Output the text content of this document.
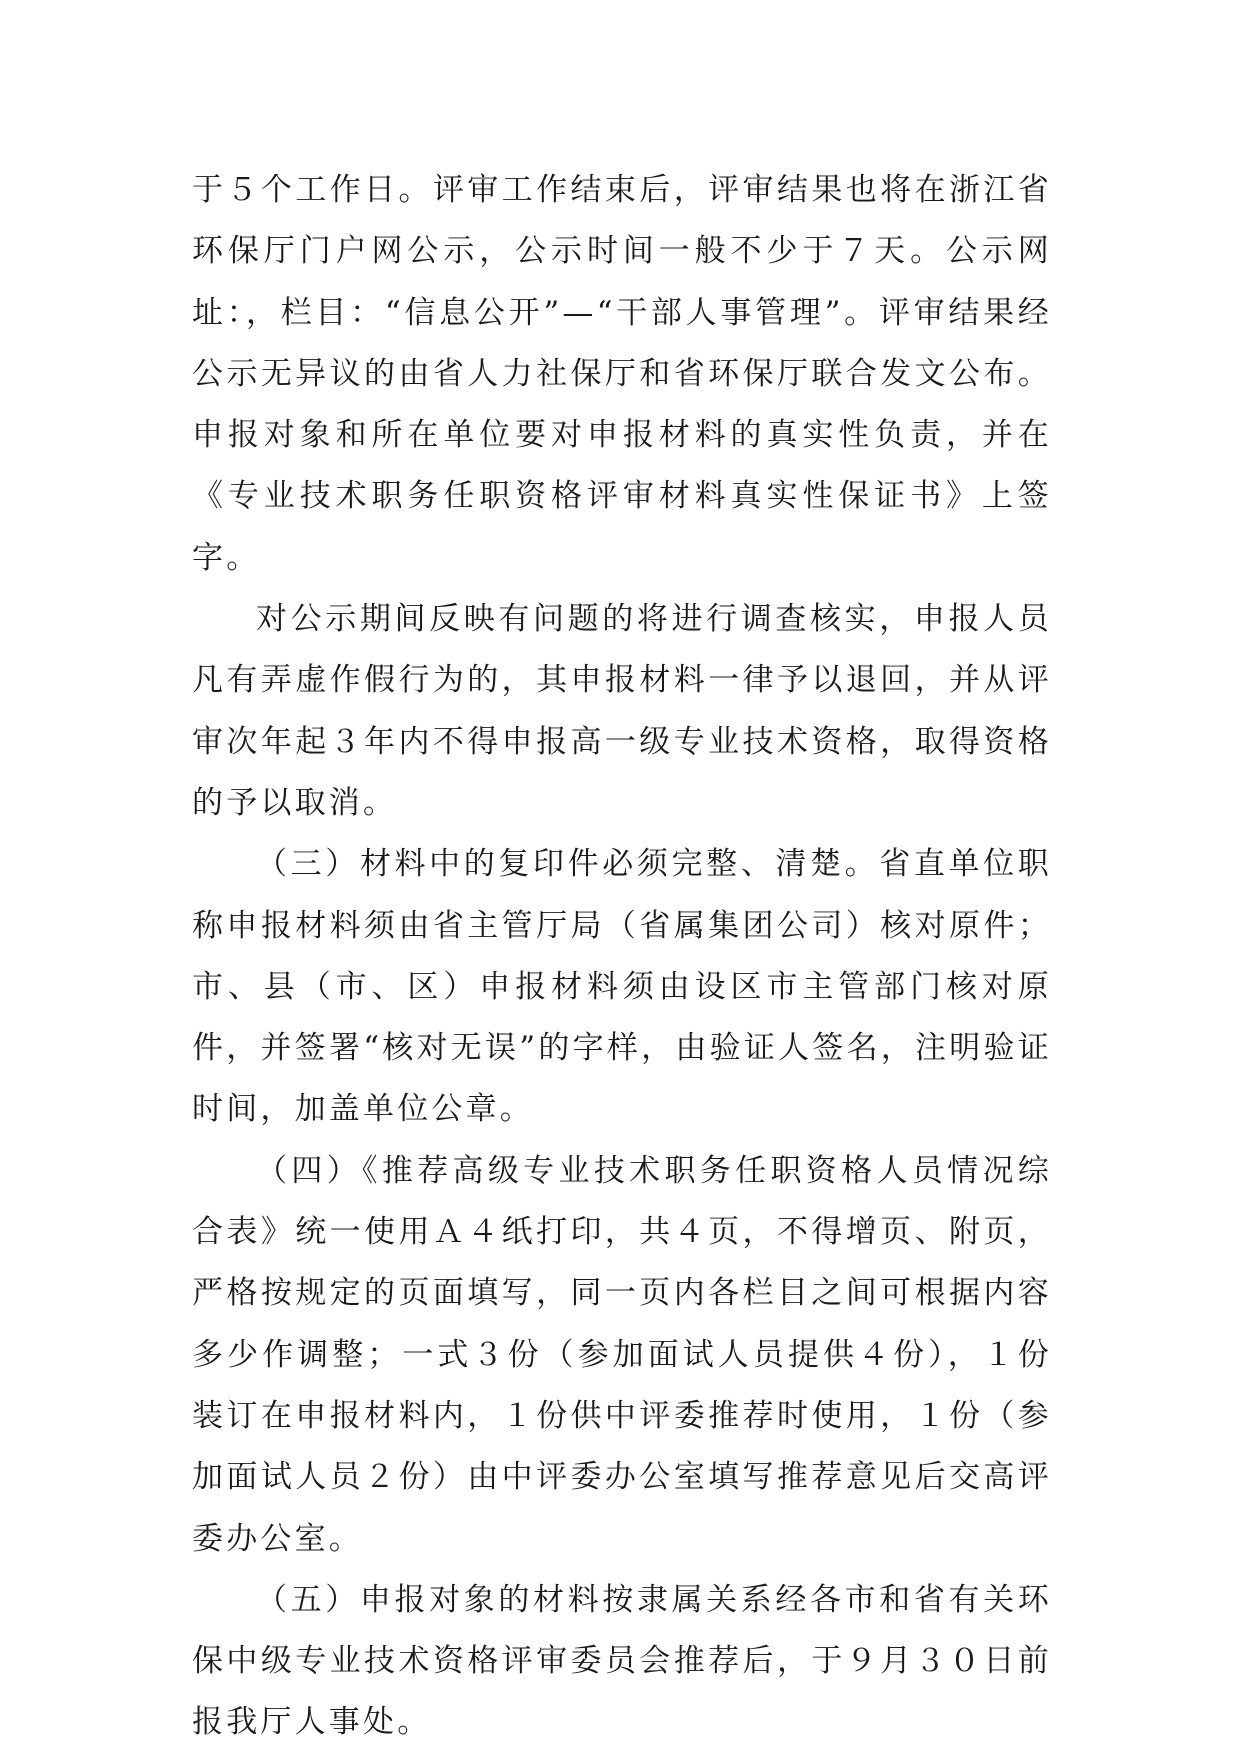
于５个工作日。评审工作结束后，评审结果也将在浙江省环保厅门户网公示，公示时间一般不少于７天。公示网址：，栏目：“信息公开”—“干部人事管理”。评审结果经公示无异议的由省人力社保厅和省环保厅联合发文公布。申报对象和所在单位要对申报材料的真实性负责，并在《专业技术职务任职资格评审材料真实性保证书》上签字。

对公示期间反映有问题的将进行调查核实，申报人员凡有弄虚作假行为的，其申报材料一律予以退回，并从评审次年起３年内不得申报高一级专业技术资格，取得资格的予以取消。

（三）材料中的复印件必须完整、清楚。省直单位职称申报材料须由省主管厅局（省属集团公司）核对原件；市、县（市、区）申报材料须由设区市主管部门核对原件，并签署“核对无误”的字样，由验证人签名，注明验证时间，加盖单位公章。

（四）《推荐高级专业技术职务任职资格人员情况综合表》统一使用Ａ４纸打印，共４页，不得增页、附页，严格按规定的页面填写，同一页内各栏目之间可根据内容多少作调整；一式３份（参加面试人员提供４份），１份装订在申报材料内，１份供中评委推荐时使用，１份（参加面试人员２份）由中评委办公室填写推荐意见后交高评委办公室。

（五）申报对象的材料按隶属关系经各市和省有关环保中级专业技术资格评审委员会推荐后，于９月３０日前报我厅人事处。
